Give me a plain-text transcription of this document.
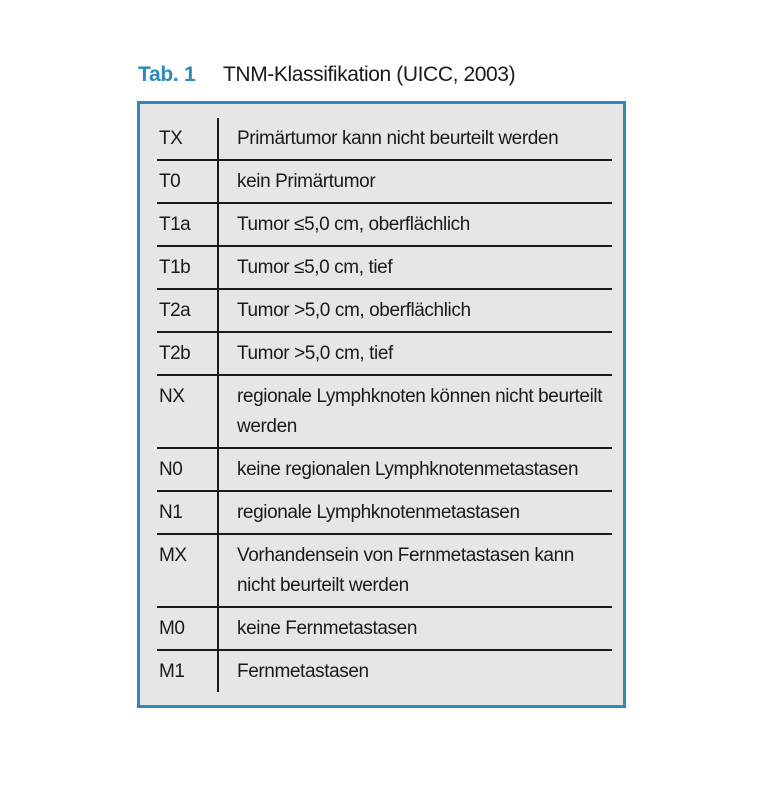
Tab. 1	TNM-Klassifikation (UICC, 2003)
TX	Primärtumor kann nicht beurteilt werden
T0	kein Primärtumor
T1a	Tumor ≤5,0 cm, oberflächlich
T1b	Tumor ≤5,0 cm, tief
T2a	Tumor >5,0 cm, oberflächlich
T2b	Tumor >5,0 cm, tief
NX	regionale Lymphknoten können nicht beurteilt werden
N0	keine regionalen Lymphknotenmetastasen
N1	regionale Lymphknotenmetastasen
MX	Vorhandensein von Fernmetastasen kann nicht beurteilt werden
M0	keine Fernmetastasen
M1	Fernmetastasen
